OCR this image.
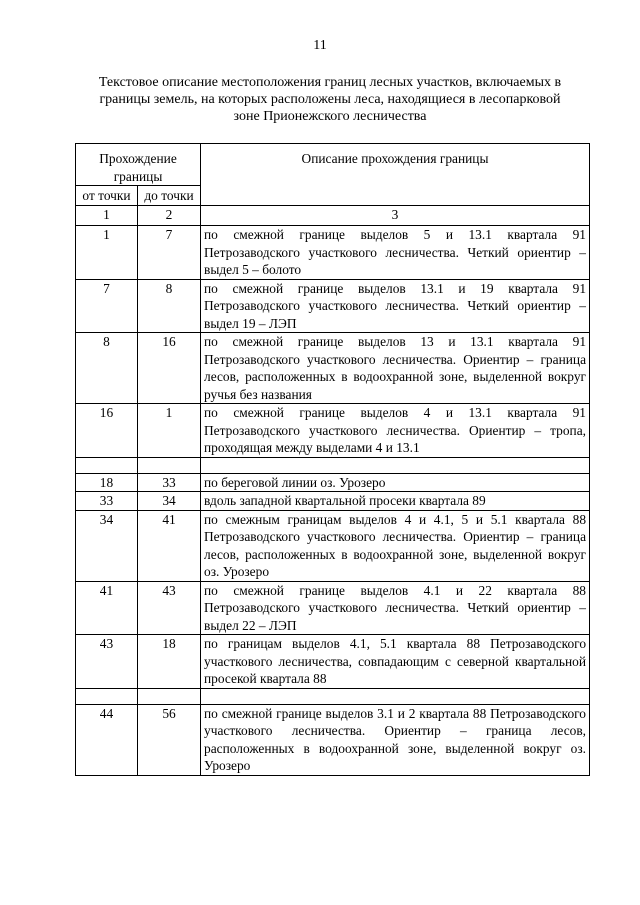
11
Текстовое описание местоположения границ лесных участков, включаемых в
границы земель, на которых расположены леса, находящиеся в лесопарковой
зоне Прионежского лесничества
Прохождение границы		Описание прохождения границы
от точки	до точки	
1	2	3
1	7	по смежной границе выделов 5 и 13.1 квартала 91 Петрозаводского участкового лесничества. Четкий ориентир – выдел 5 – болото
7	8	по смежной границе выделов 13.1 и 19 квартала 91 Петрозаводского участкового лесничества. Четкий ориентир – выдел 19 – ЛЭП
8	16	по смежной границе выделов 13 и 13.1 квартала 91 Петрозаводского участкового лесничества. Ориентир – граница лесов, расположенных в водоохранной зоне, выделенной вокруг ручья без названия
16	1	по смежной границе выделов 4 и 13.1 квартала 91 Петрозаводского участкового лесничества. Ориентир – тропа, проходящая между выделами 4 и 13.1

18	33	по береговой линии оз. Урозеро
33	34	вдоль западной квартальной просеки квартала 89
34	41	по смежным границам выделов 4 и 4.1, 5 и 5.1 квартала 88 Петрозаводского участкового лесничества. Ориентир – граница лесов, расположенных в водоохранной зоне, выделенной вокруг оз. Урозеро
41	43	по смежной границе выделов 4.1 и 22 квартала 88 Петрозаводского участкового лесничества. Четкий ориентир – выдел 22 – ЛЭП
43	18	по границам выделов 4.1, 5.1 квартала 88 Петрозаводского участкового лесничества, совпадающим с северной квартальной просекой квартала 88

44	56	по смежной границе выделов 3.1 и 2 квартала 88 Петрозаводского участкового лесничества. Ориентир – граница лесов, расположенных в водоохранной зоне, выделенной вокруг оз. Урозеро
